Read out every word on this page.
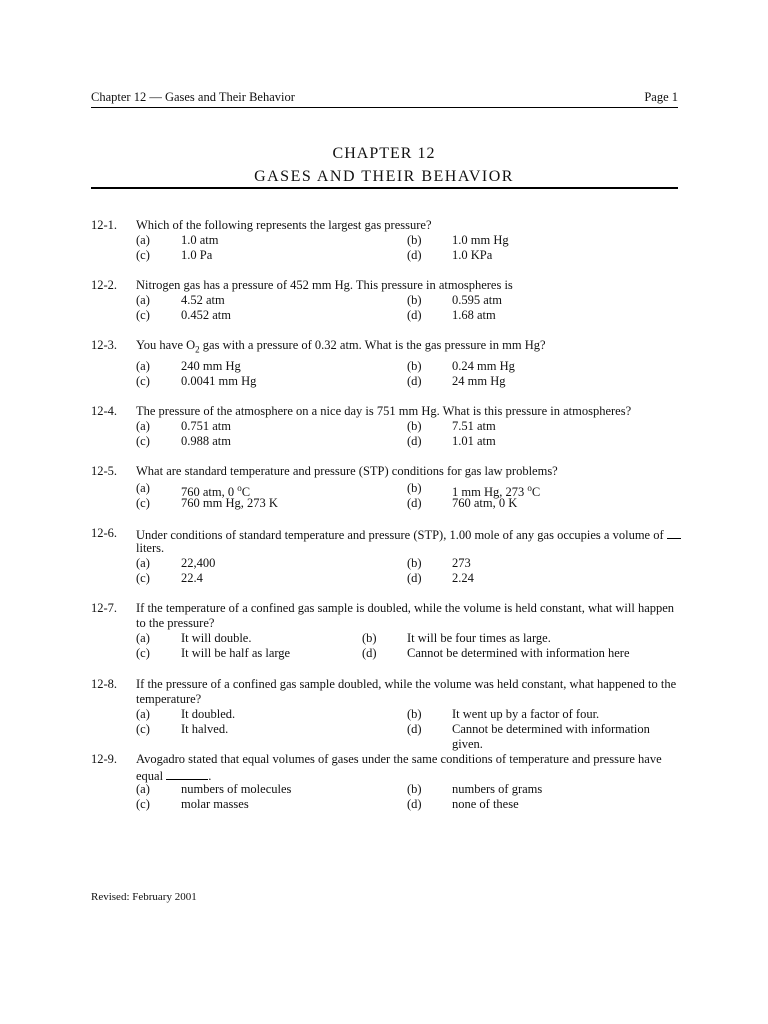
Chapter 12 — Gases and Their Behavior	Page 1
CHAPTER 12
GASES AND THEIR BEHAVIOR
12-1. Which of the following represents the largest gas pressure?
(a) 1.0 atm	(b) 1.0 mm Hg
(c) 1.0 Pa	(d) 1.0 KPa
12-2. Nitrogen gas has a pressure of 452 mm Hg. This pressure in atmospheres is
(a) 4.52 atm	(b) 0.595 atm
(c) 0.452 atm	(d) 1.68 atm
12-3. You have $O_2$ gas with a pressure of 0.32 atm. What is the gas pressure in mm Hg?
(a) 240 mm Hg	(b) 0.24 mm Hg
(c) 0.0041 mm Hg	(d) 24 mm Hg
12-4. The pressure of the atmosphere on a nice day is 751 mm Hg. What is this pressure in atmospheres?
(a) 0.751 atm	(b) 7.51 atm
(c) 0.988 atm	(d) 1.01 atm
12-5. What are standard temperature and pressure (STP) conditions for gas law problems?
(a) 760 atm, 0 $^o$C	(b) 1 mm Hg, 273 $^o$C
(c) 760 mm Hg, 273 K	(d) 760 atm, 0 K
12-6. Under conditions of standard temperature and pressure (STP), 1.00 mole of any gas occupies a volume of
liters.
(a) 22,400	(b) 273
(c) 22.4	(d) 2.24
12-7. If the temperature of a confined gas sample is doubled, while the volume is held constant, what will happen
to the pressure?
(a) It will double.	(b) It will be four times as large.
(c) It will be half as large	(d) Cannot be determined with information here
12-8. If the pressure of a confined gas sample doubled, while the volume was held constant, what happened to the
temperature?
(a) It doubled.	(b) It went up by a factor of four.
(c) It halved.	(d) Cannot be determined with information
given.
12-9. Avogadro stated that equal volumes of gases under the same conditions of temperature and pressure have
equal	.
(a) numbers of molecules	(b) numbers of grams
(c) molar masses	(d) none of these
Revised: February 2001
